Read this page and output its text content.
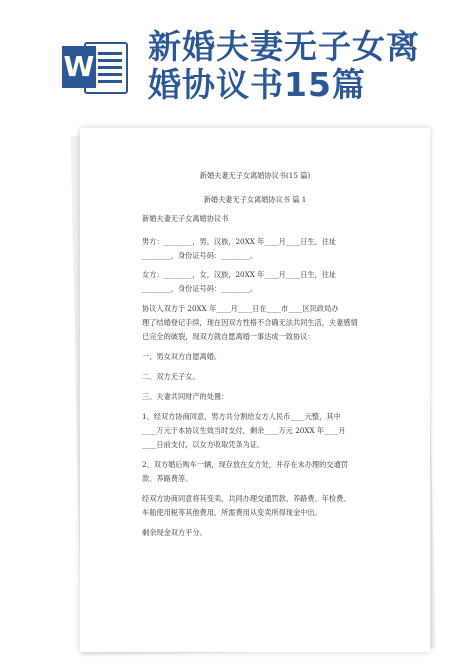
W
新婚夫妻无子女离
婚协议书15篇
新婚夫妻无子女离婚协议书(15 篇)
新婚夫妻无子女离婚协议书 篇 1
新婚夫妻无子女离婚协议书
男方：________，男，汉族，20XX 年____月____日生，住址
________，身份证号码：________。
女方：________，女，汉族，20XX 年____月____日生，住址
________，身份证号码：________。
协议人双方于 20XX 年____月____日在____市____区民政局办
理了结婚登记手续，现在因双方性格不合确无法共同生活，夫妻感情
已完全的破裂，现双方就自愿离婚一事达成一致协议：
一、男女双方自愿离婚。
二、双方无子女。
三、夫妻共同财产的处置：
1、经双方协商同意，男方共分割给女方人民币____元整，其中
____万元于本协议生效当时支付，剩余____万元 20XX 年____月
____日前支付，以女方收取凭条为证。
2、双方婚后购车一辆，现存放在女方处，并存在未办理的交通罚
款、养路费等。
经双方协商同意将其变卖，共同办理交通罚款、养路费、年检费、
车船使用税等其他费用，所需费用从变卖所得现金中出。
剩余现金双方平分。
